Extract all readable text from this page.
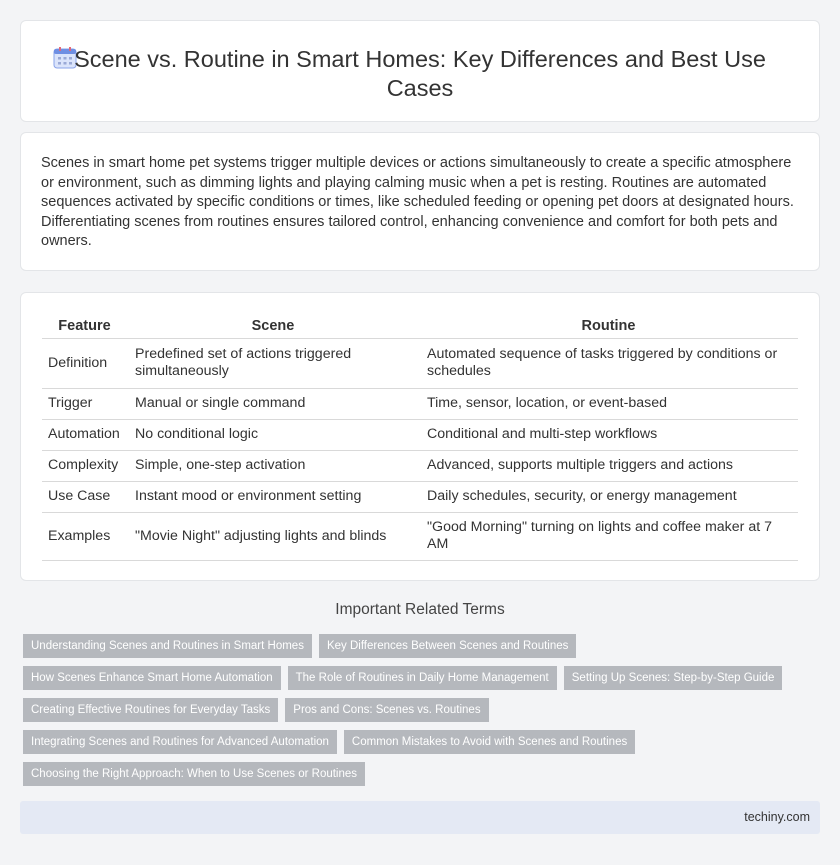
Scene vs. Routine in Smart Homes: Key Differences and Best Use Cases

Scenes in smart home pet systems trigger multiple devices or actions simultaneously to create a specific atmosphere or environment, such as dimming lights and playing calming music when a pet is resting. Routines are automated sequences activated by specific conditions or times, like scheduled feeding or opening pet doors at designated hours. Differentiating scenes from routines ensures tailored control, enhancing convenience and comfort for both pets and owners.

Feature	Scene	Routine
Definition	Predefined set of actions triggered simultaneously	Automated sequence of tasks triggered by conditions or schedules
Trigger	Manual or single command	Time, sensor, location, or event-based
Automation	No conditional logic	Conditional and multi-step workflows
Complexity	Simple, one-step activation	Advanced, supports multiple triggers and actions
Use Case	Instant mood or environment setting	Daily schedules, security, or energy management
Examples	"Movie Night" adjusting lights and blinds	"Good Morning" turning on lights and coffee maker at 7 AM
Important Related Terms
Understanding Scenes and Routines in Smart Homes	Key Differences Between Scenes and Routines
How Scenes Enhance Smart Home Automation	The Role of Routines in Daily Home Management	Setting Up Scenes: Step-by-Step Guide
Creating Effective Routines for Everyday Tasks	Pros and Cons: Scenes vs. Routines
Integrating Scenes and Routines for Advanced Automation	Common Mistakes to Avoid with Scenes and Routines
Choosing the Right Approach: When to Use Scenes or Routines
techiny.com
